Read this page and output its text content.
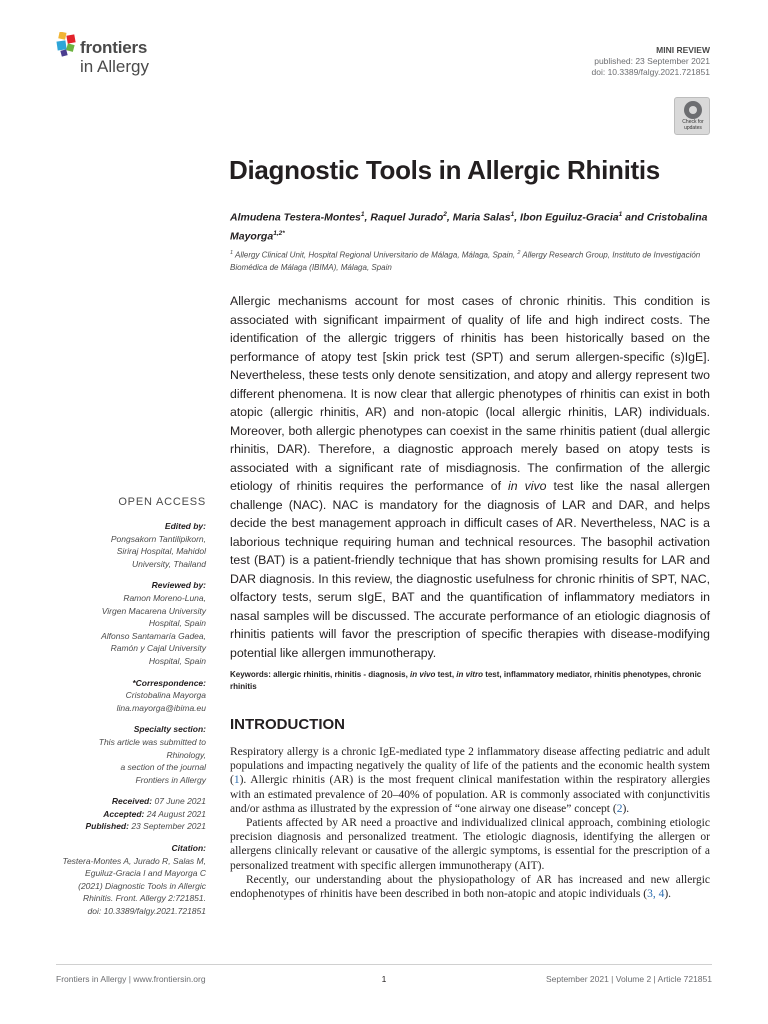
frontiers
in Allergy
MINI REVIEW
published: 23 September 2021
doi: 10.3389/falgy.2021.721851
Check for
updates
Diagnostic Tools in Allergic Rhinitis
Almudena Testera-Montes$^1$, Raquel Jurado$^2$, Maria Salas$^1$, Ibon Eguiluz-Gracia$^1$ and Cristobalina Mayorga$^{1,2*}$
$^1$ Allergy Clinical Unit, Hospital Regional Universitario de Málaga, Málaga, Spain, $^2$ Allergy Research Group, Instituto de Investigación Biomédica de Málaga (IBIMA), Málaga, Spain

Allergic mechanisms account for most cases of chronic rhinitis. This condition is associated with significant impairment of quality of life and high indirect costs. The identification of the allergic triggers of rhinitis has been historically based on the performance of atopy test [skin prick test (SPT) and serum allergen-specific (s)IgE]. Nevertheless, these tests only denote sensitization, and atopy and allergy represent two different phenomena. It is now clear that allergic phenotypes of rhinitis can exist in both atopic (allergic rhinitis, AR) and non-atopic (local allergic rhinitis, LAR) individuals. Moreover, both allergic phenotypes can coexist in the same rhinitis patient (dual allergic rhinitis, DAR). Therefore, a diagnostic approach merely based on atopy tests is associated with a significant rate of misdiagnosis. The confirmation of the allergic etiology of rhinitis requires the performance of in vivo test like the nasal allergen challenge (NAC). NAC is mandatory for the diagnosis of LAR and DAR, and helps decide the best management approach in difficult cases of AR. Nevertheless, NAC is a laborious technique requiring human and technical resources. The basophil activation test (BAT) is a patient-friendly technique that has shown promising results for LAR and DAR diagnosis. In this review, the diagnostic usefulness for chronic rhinitis of SPT, NAC, olfactory tests, serum sIgE, BAT and the quantification of inflammatory mediators in nasal samples will be discussed. The accurate performance of an etiologic diagnosis of rhinitis patients will favor the prescription of specific therapies with disease-modifying potential like allergen immunotherapy.

Keywords: allergic rhinitis, rhinitis - diagnosis, in vivo test, in vitro test, inflammatory mediator, rhinitis phenotypes, chronic rhinitis
OPEN ACCESS
Edited by:
Pongsakorn Tantilipikorn,
Siriraj Hospital, Mahidol
University, Thailand
Reviewed by:
Ramon Moreno-Luna,
Virgen Macarena University
Hospital, Spain
Alfonso Santamaría Gadea,
Ramón y Cajal University
Hospital, Spain
*Correspondence:
Cristobalina Mayorga
lina.mayorga@ibima.eu
Specialty section:
This article was submitted to
Rhinology,
a section of the journal
Frontiers in Allergy
Received: 07 June 2021
Accepted: 24 August 2021
Published: 23 September 2021
Citation:
Testera-Montes A, Jurado R, Salas M,
Eguiluz-Gracia I and Mayorga C
(2021) Diagnostic Tools in Allergic
Rhinitis. Front. Allergy 2:721851.
doi: 10.3389/falgy.2021.721851
INTRODUCTION

Respiratory allergy is a chronic IgE-mediated type 2 inflammatory disease affecting pediatric and adult populations and impacting negatively the quality of life of the patients and the economic health system (1). Allergic rhinitis (AR) is the most frequent clinical manifestation within the respiratory allergies with an estimated prevalence of 20–40% of population. AR is commonly associated with conjunctivitis and/or asthma as illustrated by the expression of “one airway one disease” concept (2).

Patients affected by AR need a proactive and individualized clinical approach, combining etiologic precision diagnosis and personalized treatment. The etiologic diagnosis, identifying the allergen or allergens clinically relevant or causative of the allergic symptoms, is essential for the prescription of a personalized treatment with specific allergen immunotherapy (AIT).

Recently, our understanding about the physiopathology of AR has increased and new allergic endophenotypes of rhinitis have been described in both non-atopic and atopic individuals (3, 4).

Frontiers in Allergy | www.frontiersin.org	1	September 2021 | Volume 2 | Article 721851
